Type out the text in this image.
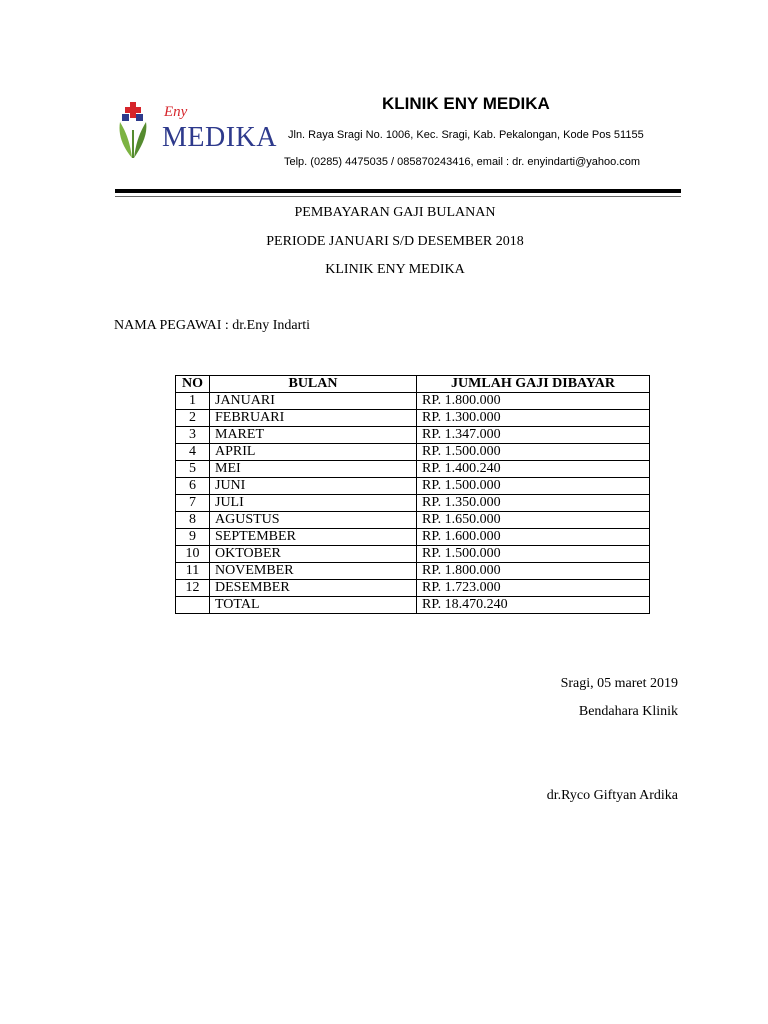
Eny
MEDIKA
KLINIK ENY MEDIKA
Jln. Raya Sragi No. 1006, Kec. Sragi, Kab. Pekalongan, Kode Pos 51155
Telp. (0285) 4475035 / 085870243416, email : dr. enyindarti@yahoo.com
PEMBAYARAN GAJI BULANAN
PERIODE JANUARI S/D DESEMBER 2018
KLINIK ENY MEDIKA
NAMA PEGAWAI : dr.Eny Indarti
NO	BULAN	JUMLAH GAJI DIBAYAR
1	JANUARI	RP. 1.800.000
2	FEBRUARI	RP. 1.300.000
3	MARET	RP. 1.347.000
4	APRIL	RP. 1.500.000
5	MEI	RP. 1.400.240
6	JUNI	RP. 1.500.000
7	JULI	RP. 1.350.000
8	AGUSTUS	RP. 1.650.000
9	SEPTEMBER	RP. 1.600.000
10	OKTOBER	RP. 1.500.000
11	NOVEMBER	RP. 1.800.000
12	DESEMBER	RP. 1.723.000
	TOTAL	RP. 18.470.240
Sragi, 05 maret 2019
Bendahara Klinik
dr.Ryco Giftyan Ardika
